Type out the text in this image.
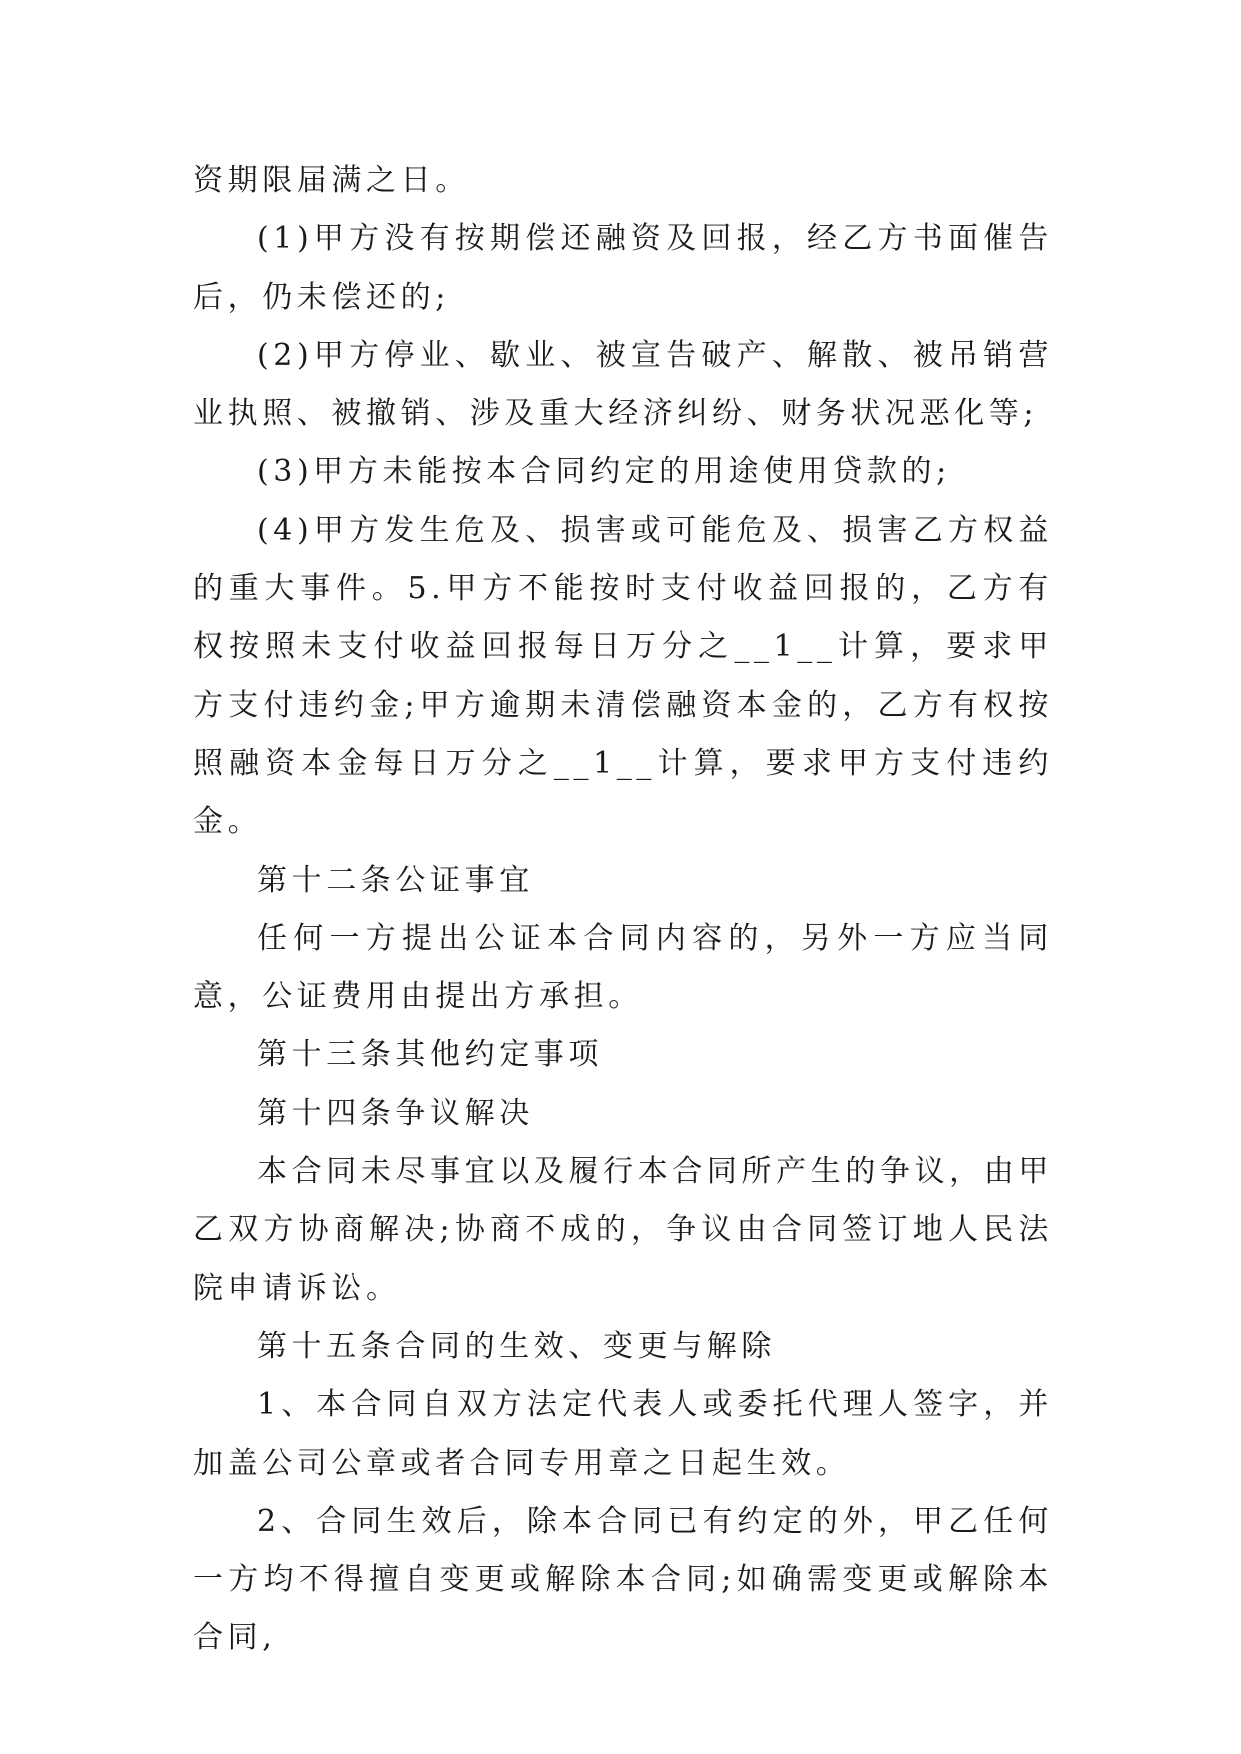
资期限届满之日。

(1)甲方没有按期偿还融资及回报，经乙方书面催告后，仍未偿还的;

(2)甲方停业、歇业、被宣告破产、解散、被吊销营业执照、被撤销、涉及重大经济纠纷、财务状况恶化等;

(3)甲方未能按本合同约定的用途使用贷款的;

(4)甲方发生危及、损害或可能危及、损害乙方权益的重大事件。5.甲方不能按时支付收益回报的，乙方有权按照未支付收益回报每日万分之__1__计算，要求甲方支付违约金;甲方逾期未清偿融资本金的，乙方有权按照融资本金每日万分之__1__计算，要求甲方支付违约金。

第十二条公证事宜

任何一方提出公证本合同内容的，另外一方应当同意，公证费用由提出方承担。

第十三条其他约定事项

第十四条争议解决

本合同未尽事宜以及履行本合同所产生的争议，由甲乙双方协商解决;协商不成的，争议由合同签订地人民法院申请诉讼。

第十五条合同的生效、变更与解除

1、本合同自双方法定代表人或委托代理人签字，并加盖公司公章或者合同专用章之日起生效。

2、合同生效后，除本合同已有约定的外，甲乙任何一方均不得擅自变更或解除本合同;如确需变更或解除本合同,
